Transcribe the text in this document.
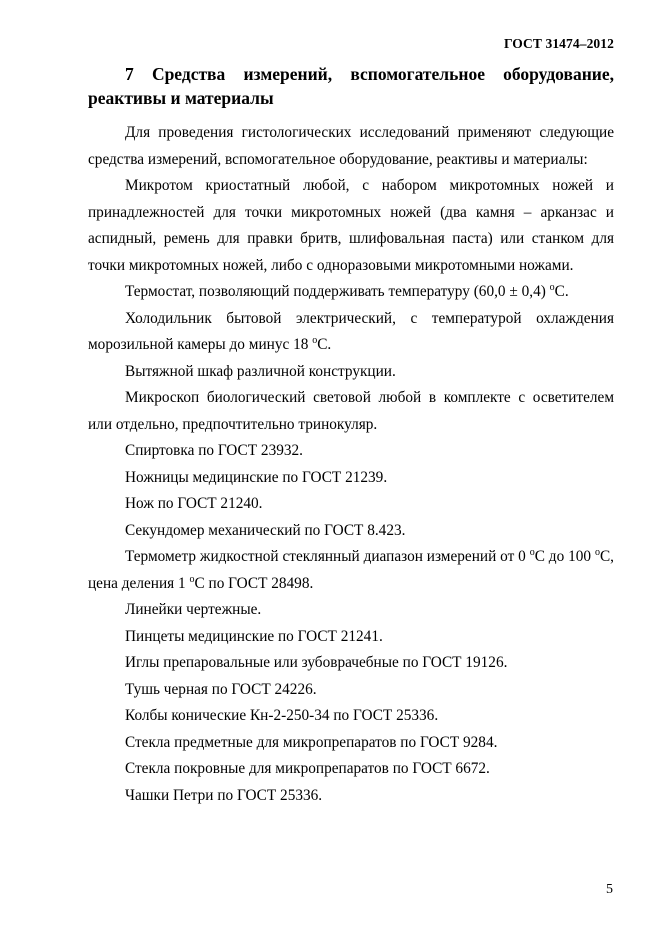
ГОСТ 31474–2012
7 Средства измерений, вспомогательное оборудование, реактивы и материалы

Для проведения гистологических исследований применяют следующие средства измерений, вспомогательное оборудование, реактивы и материалы:

Микротом криостатный любой, с набором микротомных ножей и принадлежностей для точки микротомных ножей (два камня – арканзас и аспидный, ремень для правки бритв, шлифовальная паста) или станком для точки микротомных ножей, либо с одноразовыми микротомными ножами.

Термостат, позволяющий поддерживать температуру (60,0 ± 0,4) $^o$C.

Холодильник бытовой электрический, с температурой охлаждения морозильной камеры до минус 18 $^o$C.

Вытяжной шкаф различной конструкции.

Микроскоп биологический световой любой в комплекте с осветителем или отдельно, предпочтительно тринокуляр.

Спиртовка по ГОСТ 23932.

Ножницы медицинские по ГОСТ 21239.

Нож по ГОСТ 21240.

Секундомер механический по ГОСТ 8.423.

Термометр жидкостной стеклянный диапазон измерений от 0 $^o$C до 100 $^o$C, цена деления 1 $^o$C по ГОСТ 28498.

Линейки чертежные.

Пинцеты медицинские по ГОСТ 21241.

Иглы препаровальные или зубоврачебные по ГОСТ 19126.

Тушь черная по ГОСТ 24226.

Колбы конические Кн-2-250-34 по ГОСТ 25336.

Стекла предметные для микропрепаратов по ГОСТ 9284.

Стекла покровные для микропрепаратов по ГОСТ 6672.

Чашки Петри по ГОСТ 25336.

5
